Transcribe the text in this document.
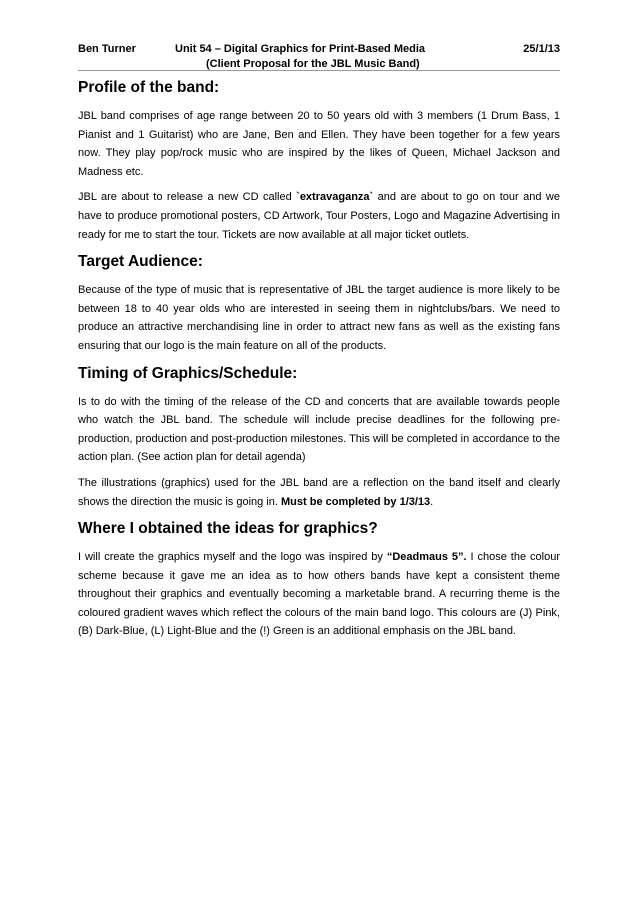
Ben Turner	Unit 54 – Digital Graphics for Print-Based Media
(Client Proposal for the JBL Music Band)
25/1/13
Profile of the band:

JBL band comprises of age range between 20 to 50 years old with 3 members (1 Drum Bass, 1 Pianist and 1 Guitarist) who are Jane, Ben and Ellen. They have been together for a few years now. They play pop/rock music who are inspired by the likes of Queen, Michael Jackson and Madness etc.

JBL are about to release a new CD called `extravaganza` and are about to go on tour and we have to produce promotional posters, CD Artwork, Tour Posters, Logo and Magazine Advertising in ready for me to start the tour. Tickets are now available at all major ticket outlets.

Target Audience:

Because of the type of music that is representative of JBL the target audience is more likely to be between 18 to 40 year olds who are interested in seeing them in nightclubs/bars. We need to produce an attractive merchandising line in order to attract new fans as well as the existing fans ensuring that our logo is the main feature on all of the products.

Timing of Graphics/Schedule:

Is to do with the timing of the release of the CD and concerts that are available towards people who watch the JBL band. The schedule will include precise deadlines for the following pre-production, production and post-production milestones. This will be completed in accordance to the action plan. (See action plan for detail agenda)

The illustrations (graphics) used for the JBL band are a reflection on the band itself and clearly shows the direction the music is going in. Must be completed by 1/3/13.

Where I obtained the ideas for graphics?

I will create the graphics myself and the logo was inspired by “Deadmaus 5”. I chose the colour scheme because it gave me an idea as to how others bands have kept a consistent theme throughout their graphics and eventually becoming a marketable brand. A recurring theme is the coloured gradient waves which reflect the colours of the main band logo. This colours are (J) Pink, (B) Dark-Blue, (L) Light-Blue and the (!) Green is an additional emphasis on the JBL band.
